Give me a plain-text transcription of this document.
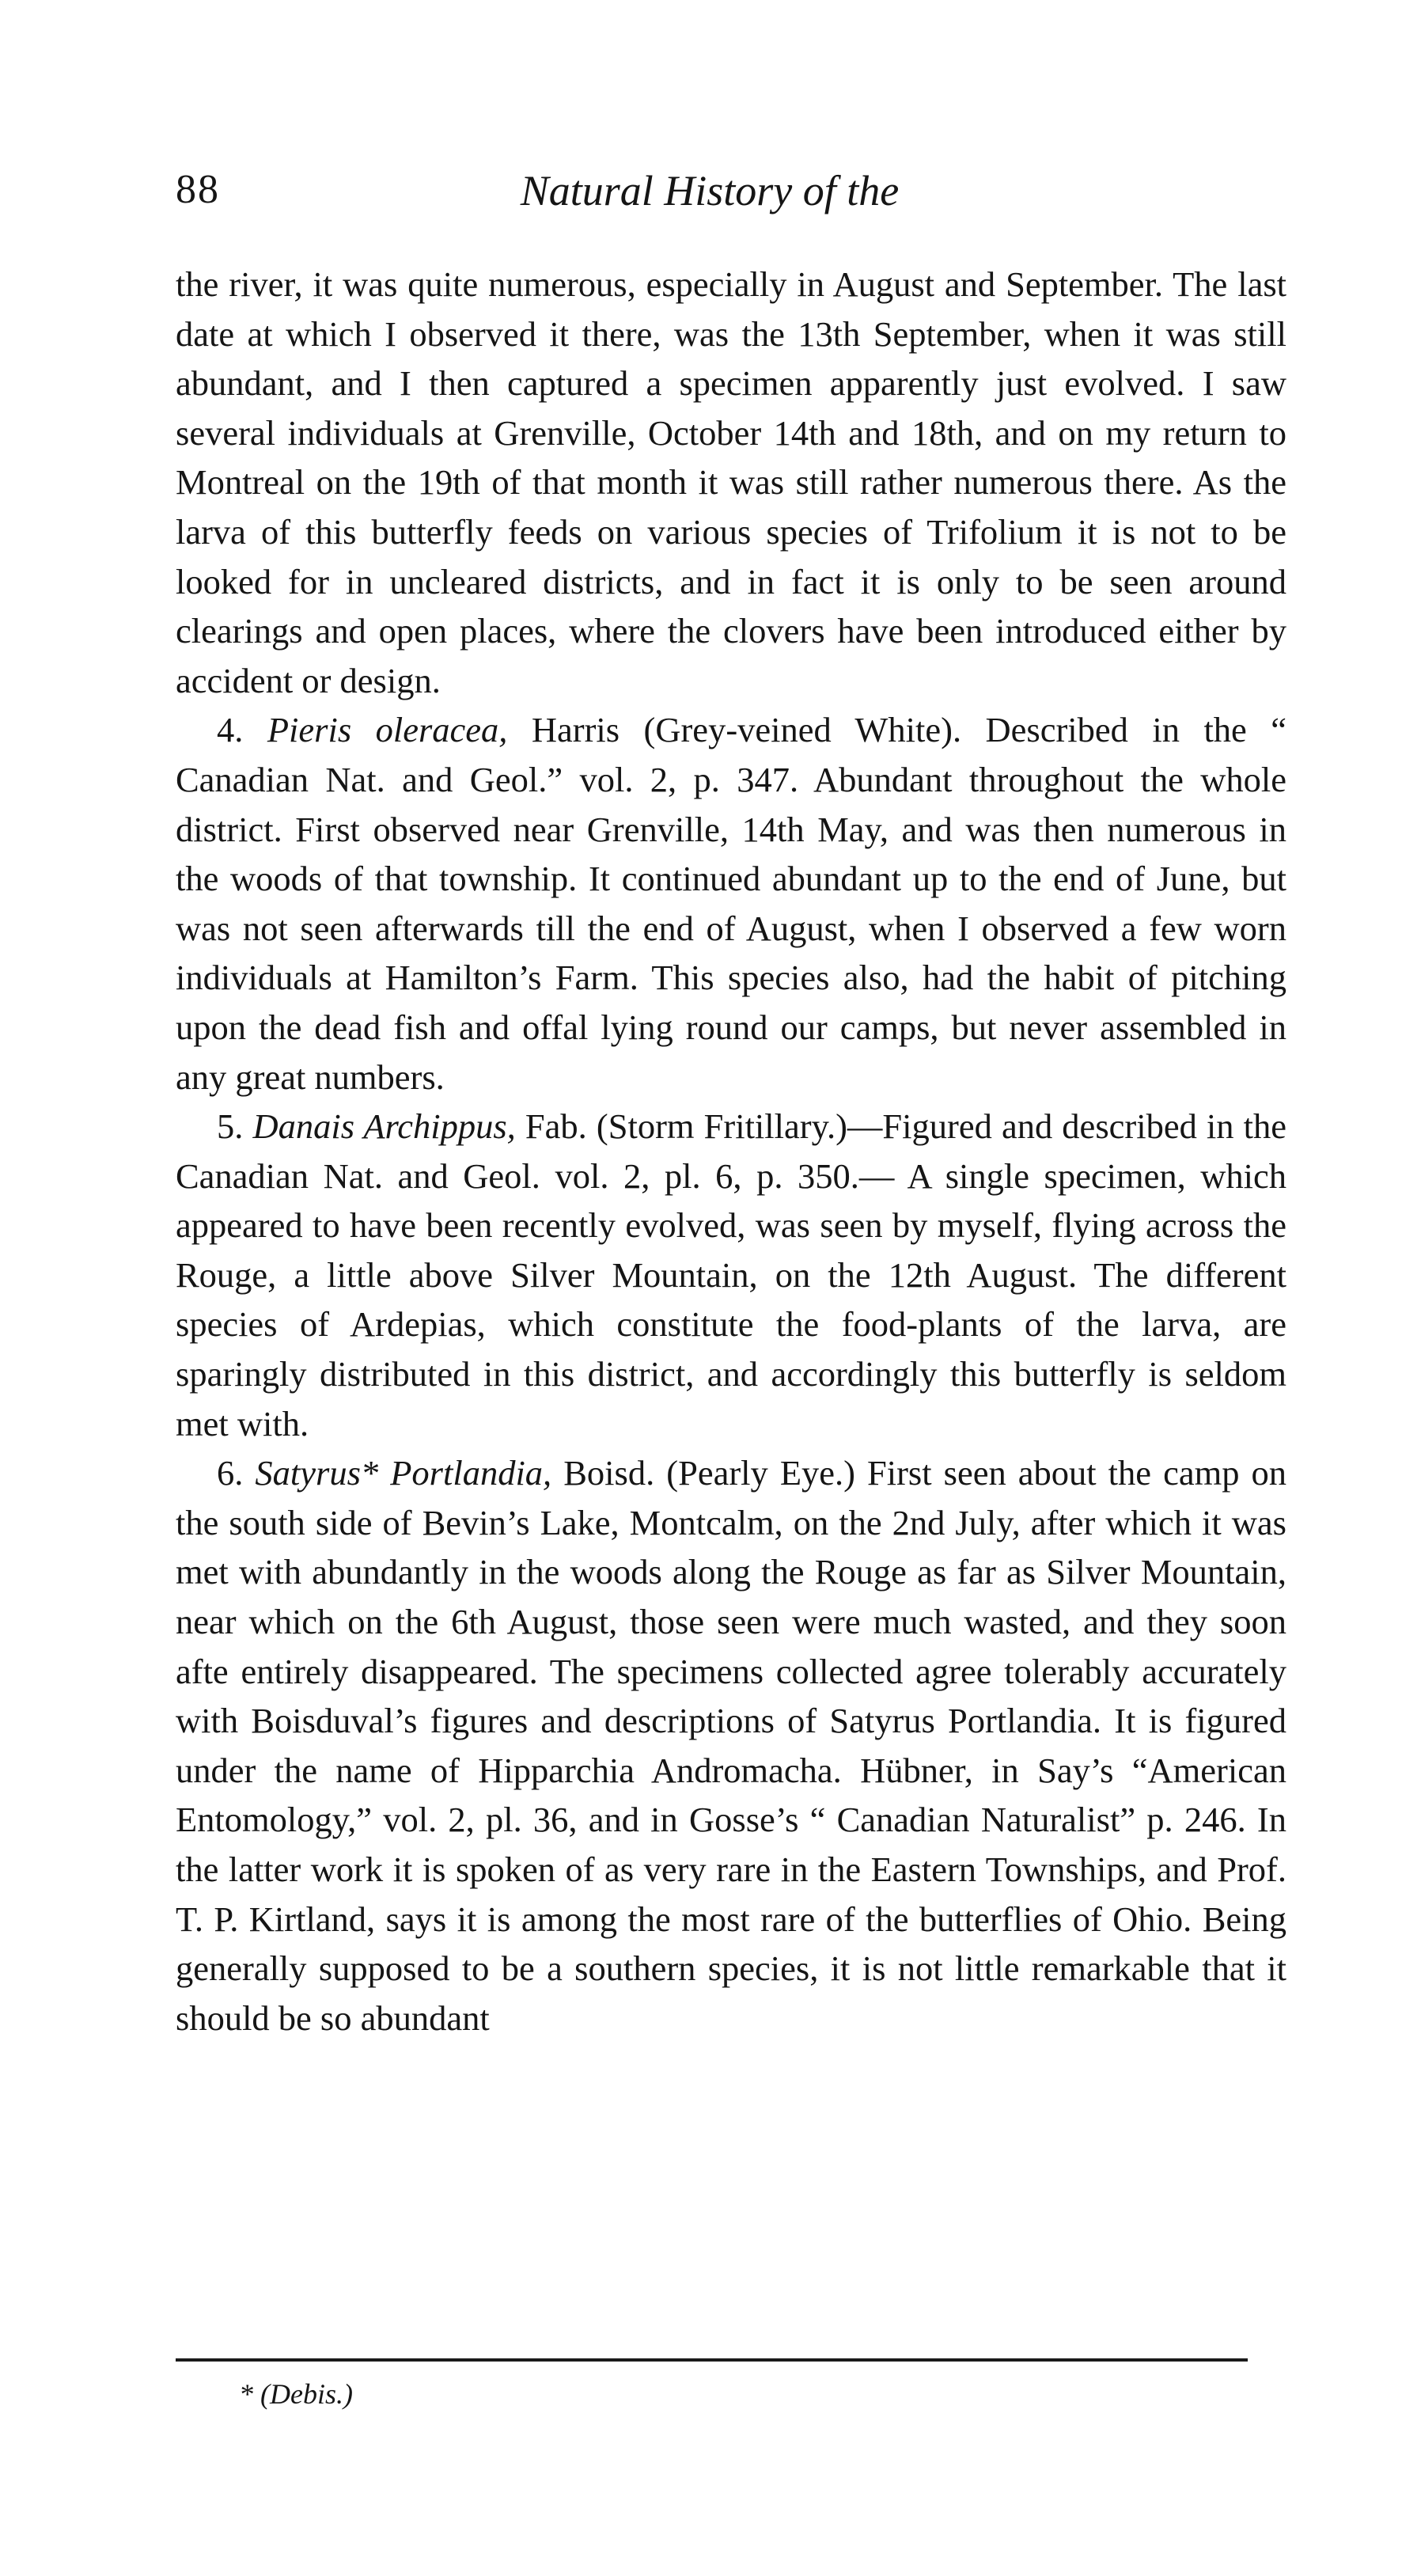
88	Natural History of the

the river, it was quite numerous, especially in August and September. The last date at which I observed it there, was the 13th September, when it was still abundant, and I then captured a specimen apparently just evolved. I saw several individuals at Grenville, October 14th and 18th, and on my return to Montreal on the 19th of that month it was still rather numerous there. As the larva of this butterfly feeds on various species of Trifolium it is not to be looked for in uncleared districts, and in fact it is only to be seen around clearings and open places, where the clovers have been introduced either by accident or design.

4. Pieris oleracea, Harris (Grey-veined White). Described in the “ Canadian Nat. and Geol.” vol. 2, p. 347. Abundant throughout the whole district. First observed near Grenville, 14th May, and was then numerous in the woods of that township. It continued abundant up to the end of June, but was not seen afterwards till the end of August, when I observed a few worn individuals at Hamilton’s Farm. This species also, had the habit of pitching upon the dead fish and offal lying round our camps, but never assembled in any great numbers.

5. Danais Archippus, Fab. (Storm Fritillary.)—Figured and described in the Canadian Nat. and Geol. vol. 2, pl. 6, p. 350.— A single specimen, which appeared to have been recently evolved, was seen by myself, flying across the Rouge, a little above Silver Mountain, on the 12th August. The different species of Ardepias, which constitute the food-plants of the larva, are sparingly distributed in this district, and accordingly this butterfly is seldom met with.

6. Satyrus* Portlandia, Boisd. (Pearly Eye.) First seen about the camp on the south side of Bevin’s Lake, Montcalm, on the 2nd July, after which it was met with abundantly in the woods along the Rouge as far as Silver Mountain, near which on the 6th August, those seen were much wasted, and they soon afte entirely disappeared. The specimens collected agree tolerably accurately with Boisduval’s figures and descriptions of Satyrus Portlandia. It is figured under the name of Hipparchia Andromacha. Hübner, in Say’s “American Entomology,” vol. 2, pl. 36, and in Gosse’s “ Canadian Naturalist” p. 246. In the latter work it is spoken of as very rare in the Eastern Townships, and Prof. T. P. Kirtland, says it is among the most rare of the butterflies of Ohio. Being generally supposed to be a southern species, it is not little remarkable that it should be so abundant

* (Debis.)
